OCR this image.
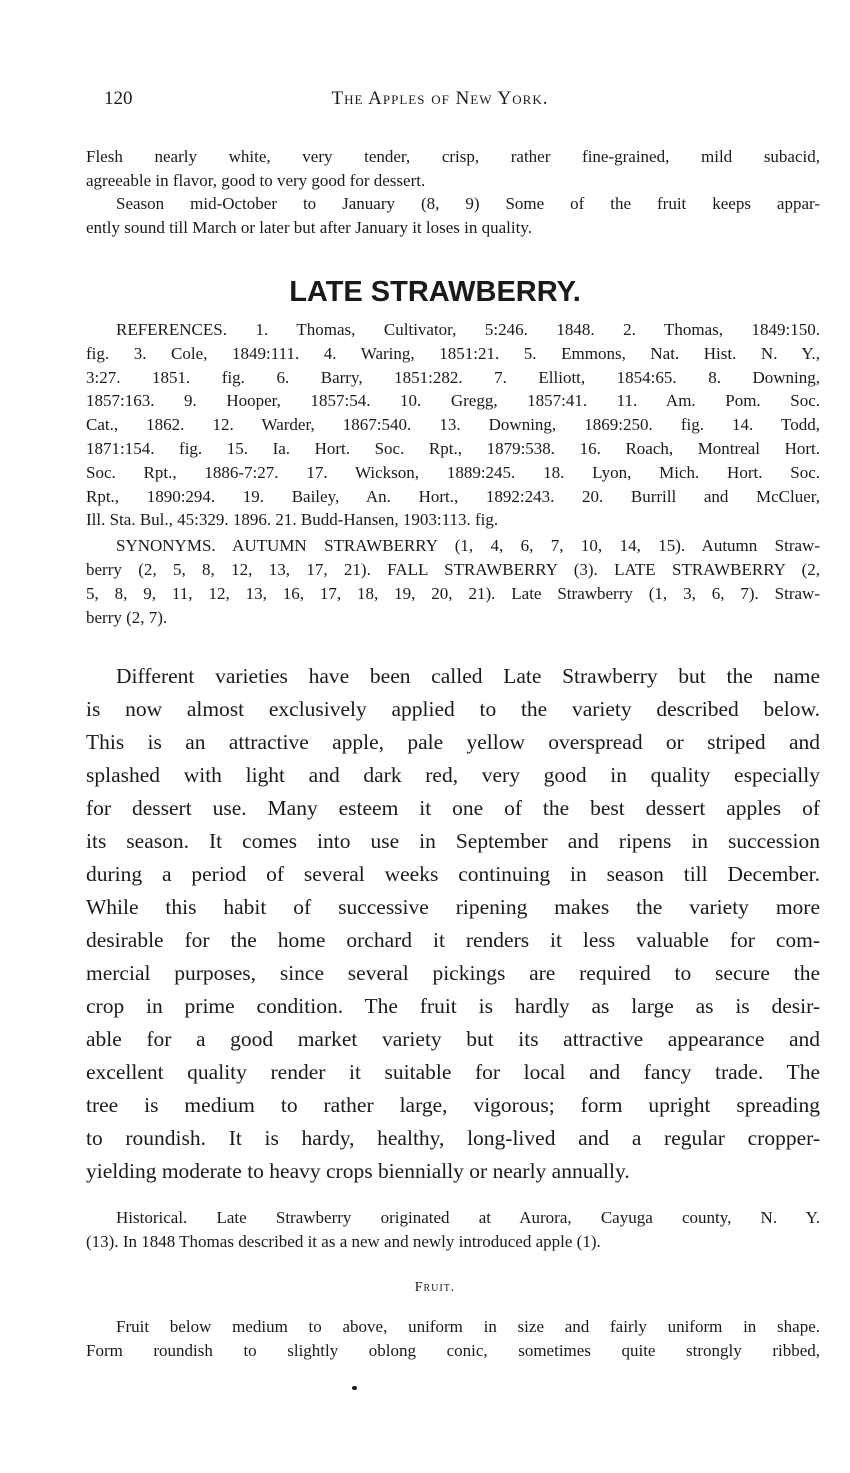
120	The Apples of New York.
LATE STRAWBERRY.
Fruit.
Flesh nearly white, very tender, crisp, rather fine-grained, mild subacid,
agreeable in flavor, good to very good for dessert.
Season mid-October to January (8, 9) Some of the fruit keeps appar-
ently sound till March or later but after January it loses in quality.
REFERENCES. 1. Thomas, Cultivator, 5:246. 1848. 2. Thomas, 1849:150.
fig. 3. Cole, 1849:111. 4. Waring, 1851:21. 5. Emmons, Nat. Hist. N. Y.,
3:27. 1851. fig. 6. Barry, 1851:282. 7. Elliott, 1854:65. 8. Downing,
1857:163. 9. Hooper, 1857:54. 10. Gregg, 1857:41. 11. Am. Pom. Soc.
Cat., 1862. 12. Warder, 1867:540. 13. Downing, 1869:250. fig. 14. Todd,
1871:154. fig. 15. Ia. Hort. Soc. Rpt., 1879:538. 16. Roach, Montreal Hort.
Soc. Rpt., 1886-7:27. 17. Wickson, 1889:245. 18. Lyon, Mich. Hort. Soc.
Rpt., 1890:294. 19. Bailey, An. Hort., 1892:243. 20. Burrill and McCluer,
Ill. Sta. Bul., 45:329. 1896. 21. Budd-Hansen, 1903:113. fig.
SYNONYMS. AUTUMN STRAWBERRY (1, 4, 6, 7, 10, 14, 15). Autumn Straw-
berry (2, 5, 8, 12, 13, 17, 21). FALL STRAWBERRY (3). LATE STRAWBERRY (2,
5, 8, 9, 11, 12, 13, 16, 17, 18, 19, 20, 21). Late Strawberry (1, 3, 6, 7). Straw-
berry (2, 7).
Different varieties have been called Late Strawberry but the name
is now almost exclusively applied to the variety described below.
This is an attractive apple, pale yellow overspread or striped and
splashed with light and dark red, very good in quality especially
for dessert use. Many esteem it one of the best dessert apples of
its season. It comes into use in September and ripens in succession
during a period of several weeks continuing in season till December.
While this habit of successive ripening makes the variety more
desirable for the home orchard it renders it less valuable for com-
mercial purposes, since several pickings are required to secure the
crop in prime condition. The fruit is hardly as large as is desir-
able for a good market variety but its attractive appearance and
excellent quality render it suitable for local and fancy trade. The
tree is medium to rather large, vigorous; form upright spreading
to roundish. It is hardy, healthy, long-lived and a regular cropper-
yielding moderate to heavy crops biennially or nearly annually.
Historical. Late Strawberry originated at Aurora, Cayuga county, N. Y.
(13). In 1848 Thomas described it as a new and newly introduced apple (1).
Fruit below medium to above, uniform in size and fairly uniform in shape.
Form roundish to slightly oblong conic, sometimes quite strongly ribbed,
